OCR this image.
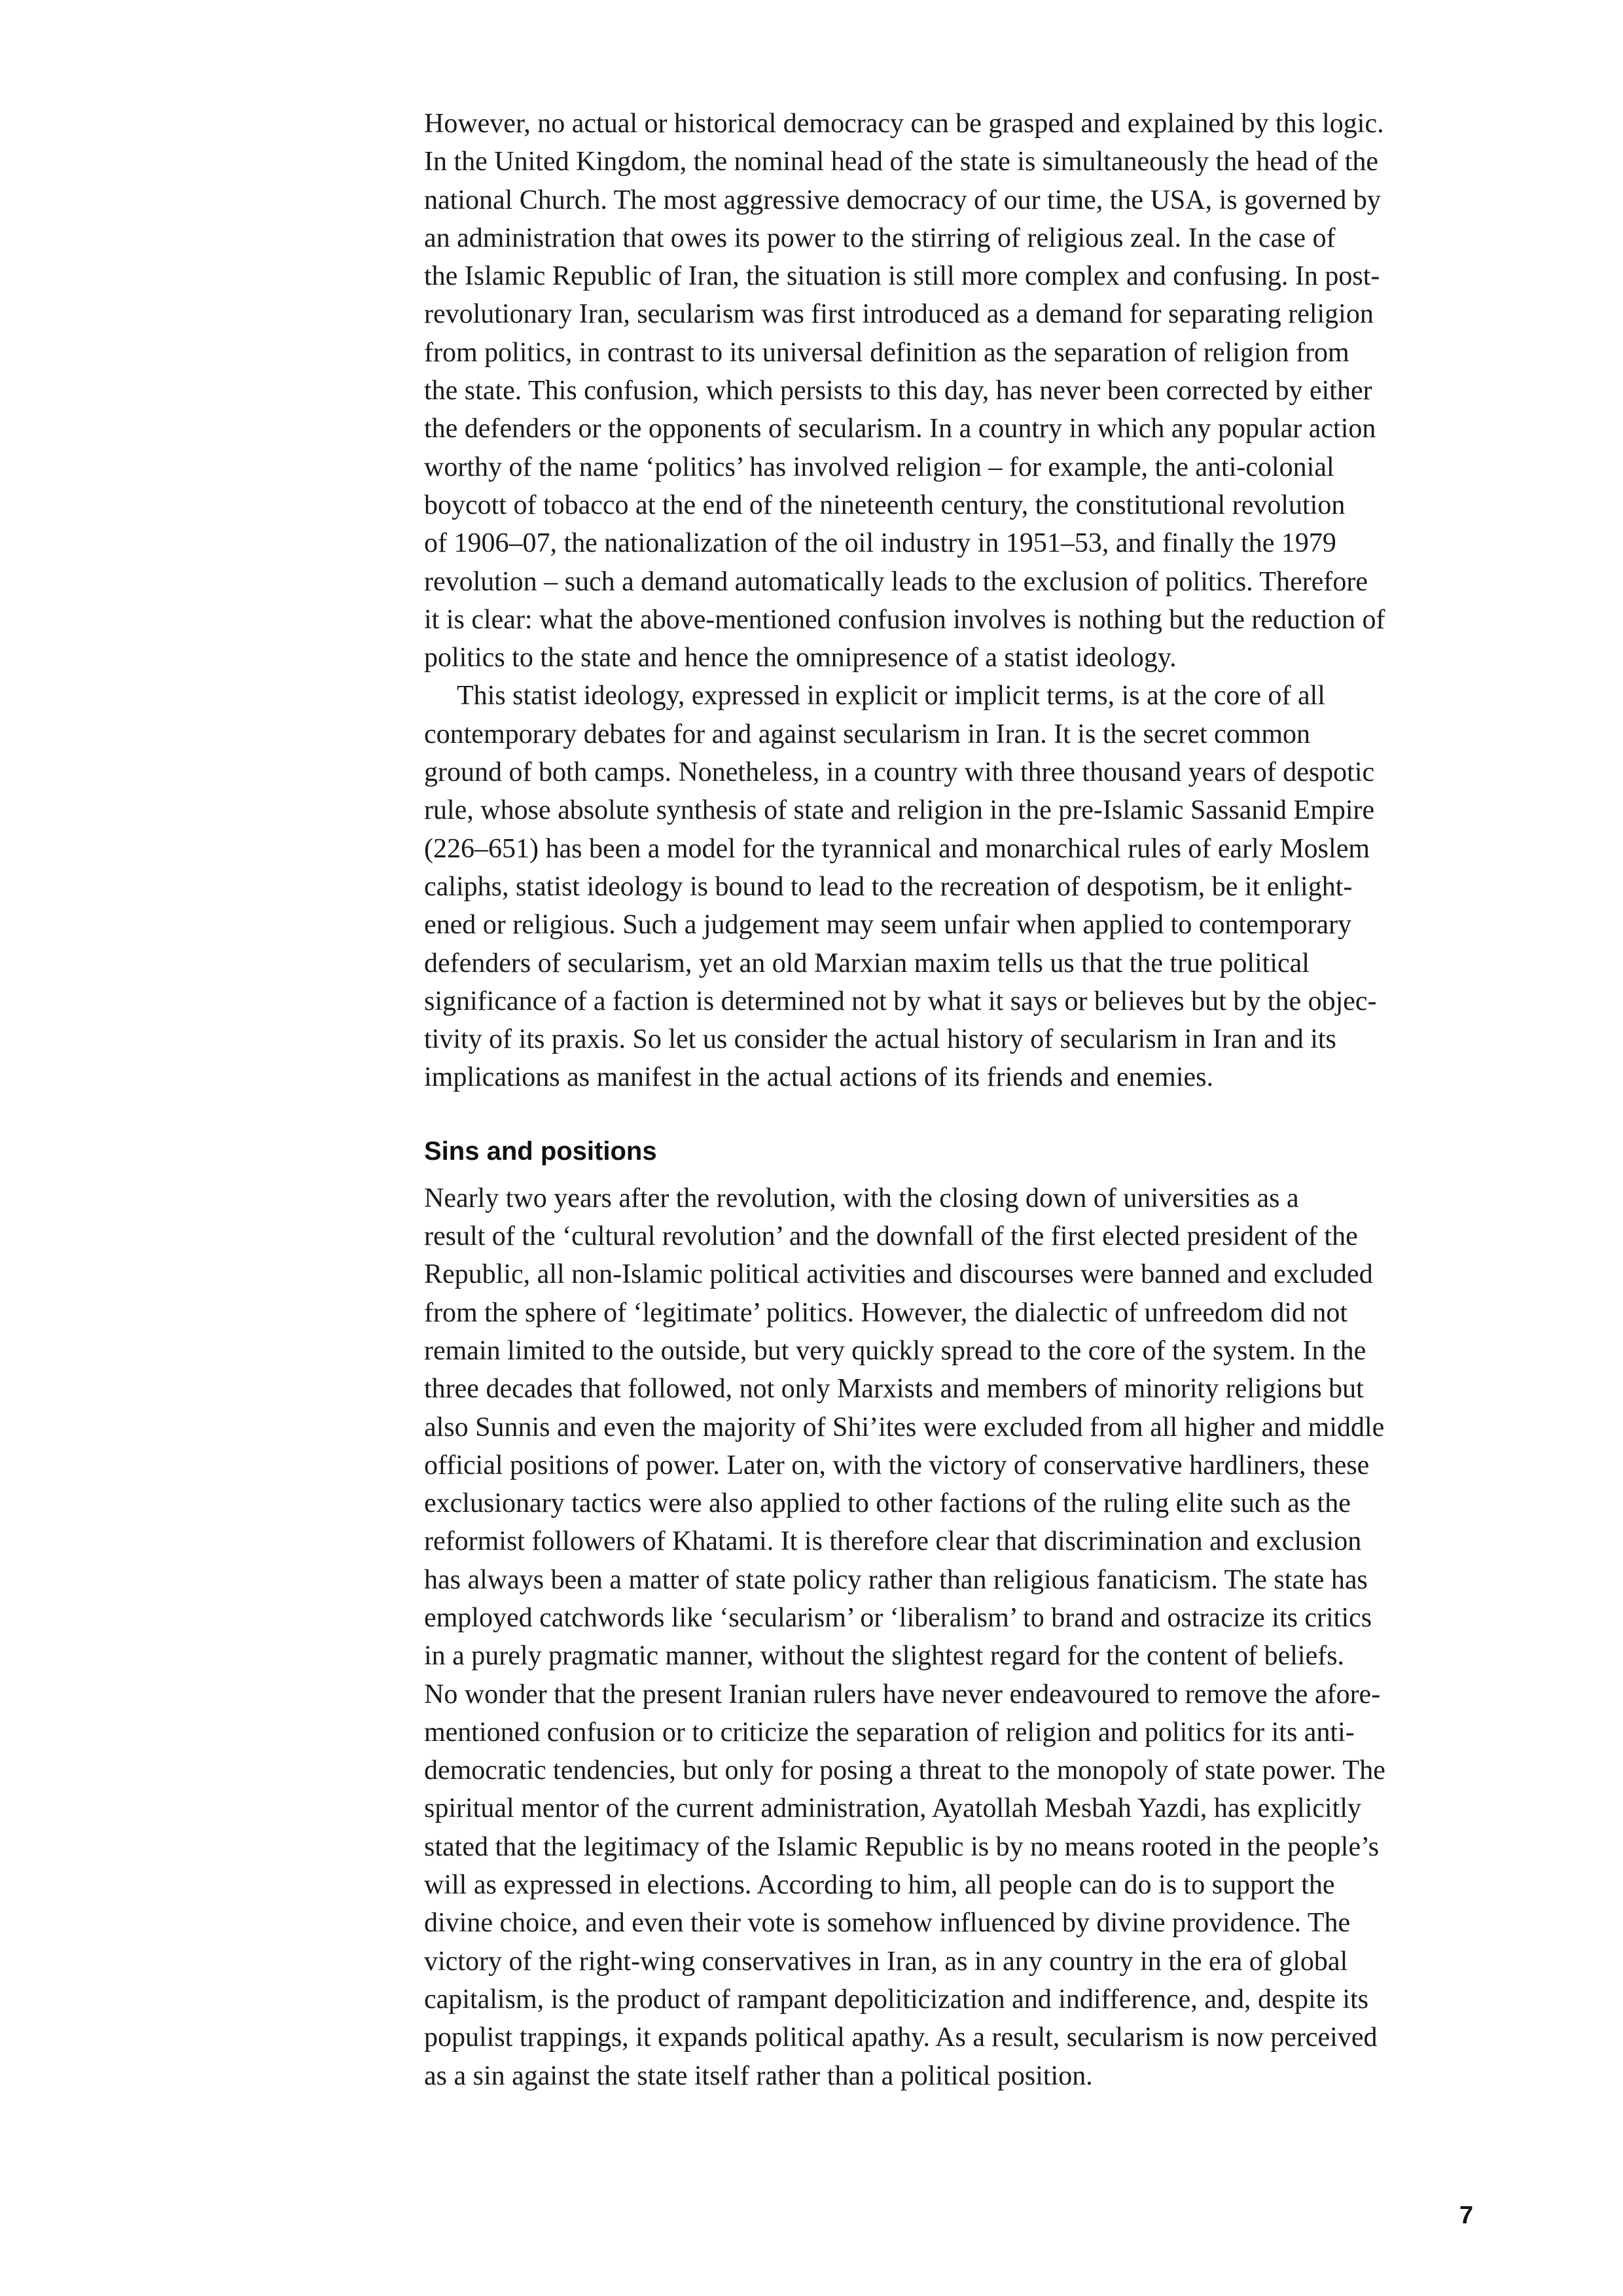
However, no actual or historical democracy can be grasped and explained by this logic.
In the United Kingdom, the nominal head of the state is simultaneously the head of the
national Church. The most aggressive democracy of our time, the USA, is governed by
an administration that owes its power to the stirring of religious zeal. In the case of
the Islamic Republic of Iran, the situation is still more complex and confusing. In post-
revolutionary Iran, secularism was first introduced as a demand for separating religion
from politics, in contrast to its universal definition as the separation of religion from
the state. This confusion, which persists to this day, has never been corrected by either
the defenders or the opponents of secularism. In a country in which any popular action
worthy of the name ‘politics’ has involved religion – for example, the anti-colonial
boycott of tobacco at the end of the nineteenth century, the constitutional revolution
of 1906–07, the nationalization of the oil industry in 1951–53, and finally the 1979
revolution – such a demand automatically leads to the exclusion of politics. Therefore
it is clear: what the above-mentioned confusion involves is nothing but the reduction of
politics to the state and hence the omnipresence of a statist ideology.
This statist ideology, expressed in explicit or implicit terms, is at the core of all
contemporary debates for and against secularism in Iran. It is the secret common
ground of both camps. Nonetheless, in a country with three thousand years of despotic
rule, whose absolute synthesis of state and religion in the pre-Islamic Sassanid Empire
(226–651) has been a model for the tyrannical and monarchical rules of early Moslem
caliphs, statist ideology is bound to lead to the recreation of despotism, be it enlight-
ened or religious. Such a judgement may seem unfair when applied to contemporary
defenders of secularism, yet an old Marxian maxim tells us that the true political
significance of a faction is determined not by what it says or believes but by the objec-
tivity of its praxis. So let us consider the actual history of secularism in Iran and its
implications as manifest in the actual actions of its friends and enemies.
Sins and positions
Nearly two years after the revolution, with the closing down of universities as a
result of the ‘cultural revolution’ and the downfall of the first elected president of the
Republic, all non-Islamic political activities and discourses were banned and excluded
from the sphere of ‘legitimate’ politics. However, the dialectic of unfreedom did not
remain limited to the outside, but very quickly spread to the core of the system. In the
three decades that followed, not only Marxists and members of minority religions but
also Sunnis and even the majority of Shi’ites were excluded from all higher and middle
official positions of power. Later on, with the victory of conservative hardliners, these
exclusionary tactics were also applied to other factions of the ruling elite such as the
reformist followers of Khatami. It is therefore clear that discrimination and exclusion
has always been a matter of state policy rather than religious fanaticism. The state has
employed catchwords like ‘secularism’ or ‘liberalism’ to brand and ostracize its critics
in a purely pragmatic manner, without the slightest regard for the content of beliefs.
No wonder that the present Iranian rulers have never endeavoured to remove the afore-
mentioned confusion or to criticize the separation of religion and politics for its anti-
democratic tendencies, but only for posing a threat to the monopoly of state power. The
spiritual mentor of the current administration, Ayatollah Mesbah Yazdi, has explicitly
stated that the legitimacy of the Islamic Republic is by no means rooted in the people’s
will as expressed in elections. According to him, all people can do is to support the
divine choice, and even their vote is somehow influenced by divine providence. The
victory of the right-wing conservatives in Iran, as in any country in the era of global
capitalism, is the product of rampant depoliticization and indifference, and, despite its
populist trappings, it expands political apathy. As a result, secularism is now perceived
as a sin against the state itself rather than a political position.
7
